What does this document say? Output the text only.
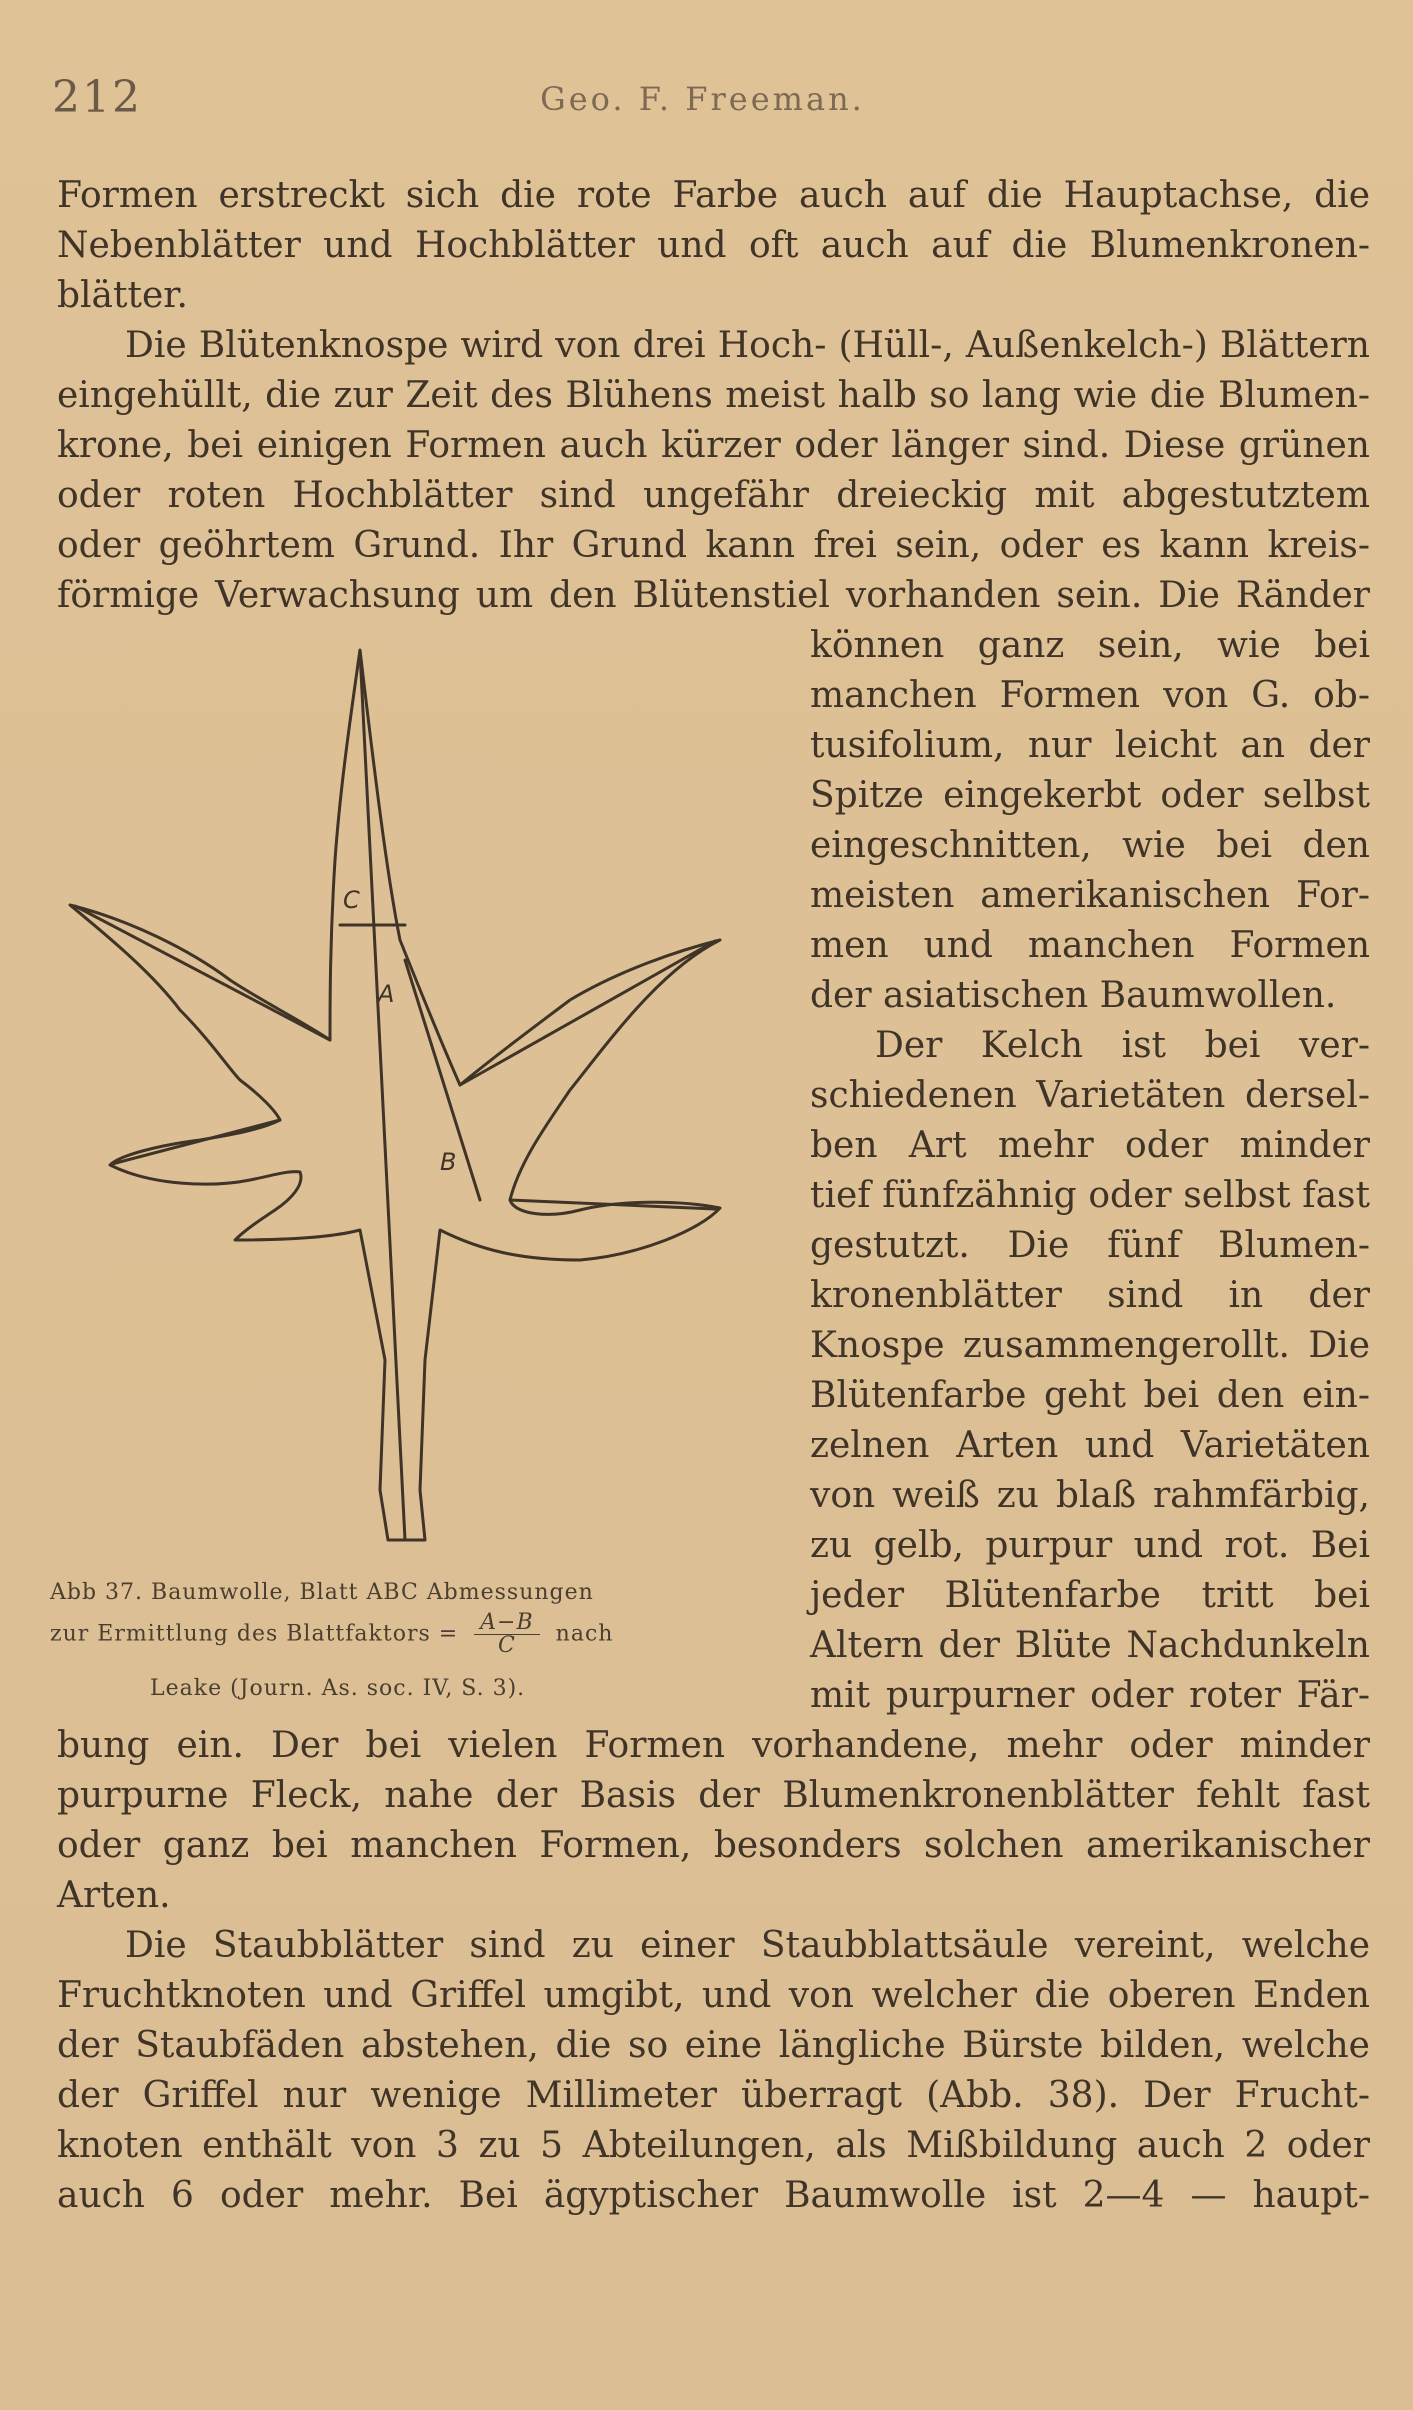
212	Geo. F. Freeman.
Formen erstreckt sich die rote Farbe auch auf die Hauptachse, die
Nebenblätter und Hochblätter und oft auch auf die Blumenkronen-
blätter.
Die Blütenknospe wird von drei Hoch- (Hüll-, Außenkelch-) Blättern
eingehüllt, die zur Zeit des Blühens meist halb so lang wie die Blumen-
krone, bei einigen Formen auch kürzer oder länger sind. Diese grünen
oder roten Hochblätter sind ungefähr dreieckig mit abgestutztem
oder geöhrtem Grund. Ihr Grund kann frei sein, oder es kann kreis-
förmige Verwachsung um den Blütenstiel vorhanden sein. Die Ränder
können ganz sein, wie bei
manchen Formen von G. ob-
tusifolium, nur leicht an der
Spitze eingekerbt oder selbst
eingeschnitten, wie bei den
meisten amerikanischen For-
men und manchen Formen
der asiatischen Baumwollen.
Der Kelch ist bei ver-
schiedenen Varietäten dersel-
ben Art mehr oder minder
tief fünfzähnig oder selbst fast
gestutzt. Die fünf Blumen-
kronenblätter sind in der
Knospe zusammengerollt. Die
Blütenfarbe geht bei den ein-
zelnen Arten und Varietäten
von weiß zu blaß rahmfärbig,
zu gelb, purpur und rot. Bei
jeder Blütenfarbe tritt bei
Altern der Blüte Nachdunkeln
mit purpurner oder roter Fär-
C
A
B
Abb 37. Baumwolle, Blatt ABC Abmessungen
zur Ermittlung des Blattfaktors = $\frac{A-B}{C}$ nach
Leake (Journ. As. soc. IV, S. 3).
bung ein. Der bei vielen Formen vorhandene, mehr oder minder
purpurne Fleck, nahe der Basis der Blumenkronenblätter fehlt fast
oder ganz bei manchen Formen, besonders solchen amerikanischer
Arten.
Die Staubblätter sind zu einer Staubblattsäule vereint, welche
Fruchtknoten und Griffel umgibt, und von welcher die oberen Enden
der Staubfäden abstehen, die so eine längliche Bürste bilden, welche
der Griffel nur wenige Millimeter überragt (Abb. 38). Der Frucht-
knoten enthält von 3 zu 5 Abteilungen, als Mißbildung auch 2 oder
auch 6 oder mehr. Bei ägyptischer Baumwolle ist 2—4 — haupt-
